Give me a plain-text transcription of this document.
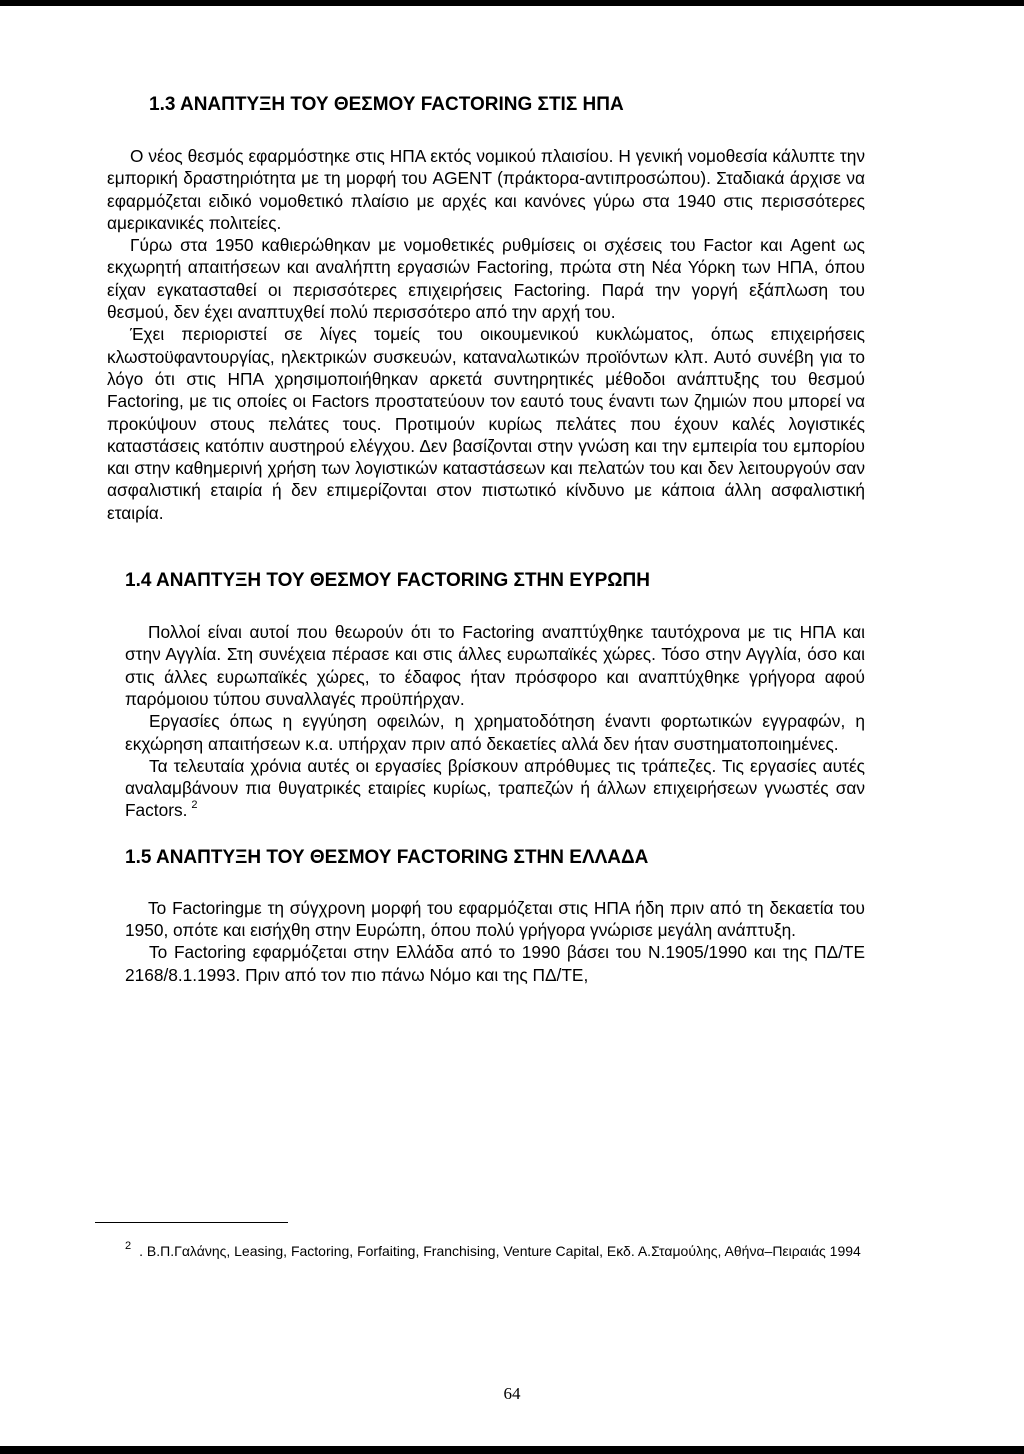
1.3 ΑΝΑΠΤΥΞΗ ΤΟΥ ΘΕΣΜΟΥ FACTORING ΣΤΙΣ ΗΠΑ

Ο νέος θεσμός εφαρμόστηκε στις ΗΠΑ εκτός νομικού πλαισίου. Η γενική νομοθεσία κάλυπτε την εμπορική δραστηριότητα με τη μορφή του AGENT (πράκτορα-αντιπροσώπου). Σταδιακά άρχισε να εφαρμόζεται ειδικό νομοθετικό πλαίσιο με αρχές και κανόνες γύρω στα 1940 στις περισσότερες αμερικανικές πολιτείες.

Γύρω στα 1950 καθιερώθηκαν με νομοθετικές ρυθμίσεις οι σχέσεις του Factor και Agent ως εκχωρητή απαιτήσεων και αναλήπτη εργασιών Factoring, πρώτα στη Νέα Υόρκη των ΗΠΑ, όπου είχαν εγκατασταθεί οι περισσότερες επιχειρήσεις Factoring. Παρά την γοργή εξάπλωση του θεσμού, δεν έχει αναπτυχθεί πολύ περισσότερο από την αρχή του.

Έχει περιοριστεί σε λίγες τομείς του οικουμενικού κυκλώματος, όπως επιχειρήσεις κλωστοϋφαντουργίας, ηλεκτρικών συσκευών, καταναλωτικών προϊόντων κλπ. Αυτό συνέβη για το λόγο ότι στις ΗΠΑ χρησιμοποιήθηκαν αρκετά συντηρητικές μέθοδοι ανάπτυξης του θεσμού Factoring, με τις οποίες οι Factors προστατεύουν τον εαυτό τους έναντι των ζημιών που μπορεί να προκύψουν στους πελάτες τους. Προτιμούν κυρίως πελάτες που έχουν καλές λογιστικές καταστάσεις κατόπιν αυστηρού ελέγχου. Δεν βασίζονται στην γνώση και την εμπειρία του εμπορίου και στην καθημερινή χρήση των λογιστικών καταστάσεων και πελατών του και δεν λειτουργούν σαν ασφαλιστική εταιρία ή δεν επιμερίζονται στον πιστωτικό κίνδυνο με κάποια άλλη ασφαλιστική εταιρία.

1.4 ΑΝΑΠΤΥΞΗ ΤΟΥ ΘΕΣΜΟΥ FACTORING ΣΤΗΝ ΕΥΡΩΠΗ

Πολλοί είναι αυτοί που θεωρούν ότι το Factoring αναπτύχθηκε ταυτόχρονα με τις ΗΠΑ και στην Αγγλία. Στη συνέχεια πέρασε και στις άλλες ευρωπαϊκές χώρες. Τόσο στην Αγγλία, όσο και στις άλλες ευρωπαϊκές χώρες, το έδαφος ήταν πρόσφορο και αναπτύχθηκε γρήγορα αφού παρόμοιου τύπου συναλλαγές προϋπήρχαν.

Εργασίες όπως η εγγύηση οφειλών, η χρηματοδότηση έναντι φορτωτικών εγγραφών, η εκχώρηση απαιτήσεων κ.α. υπήρχαν πριν από δεκαετίες αλλά δεν ήταν συστηματοποιημένες.

Τα τελευταία χρόνια αυτές οι εργασίες βρίσκουν απρόθυμες τις τράπεζες. Τις εργασίες αυτές αναλαμβάνουν πια θυγατρικές εταιρίες κυρίως, τραπεζών ή άλλων επιχειρήσεων γνωστές σαν Factors. $^2$

1.5 ΑΝΑΠΤΥΞΗ ΤΟΥ ΘΕΣΜΟΥ FACTORING ΣΤΗΝ ΕΛΛΑΔΑ

Το Factoringμε τη σύγχρονη μορφή του εφαρμόζεται στις ΗΠΑ ήδη πριν από τη δεκαετία του 1950, οπότε και εισήχθη στην Ευρώπη, όπου πολύ γρήγορα γνώρισε μεγάλη ανάπτυξη.

Το Factoring εφαρμόζεται στην Ελλάδα από το 1990 βάσει του Ν.1905/1990 και της ΠΔ/ΤΕ 2168/8.1.1993. Πριν από τον πιο πάνω Νόμο και της ΠΔ/ΤΕ,

$^2$ . Β.Π.Γαλάνης, Leasing, Factoring, Forfaiting, Franchising, Venture Capital, Εκδ. Α.Σταμούλης, Αθήνα–Πειραιάς 1994

64
